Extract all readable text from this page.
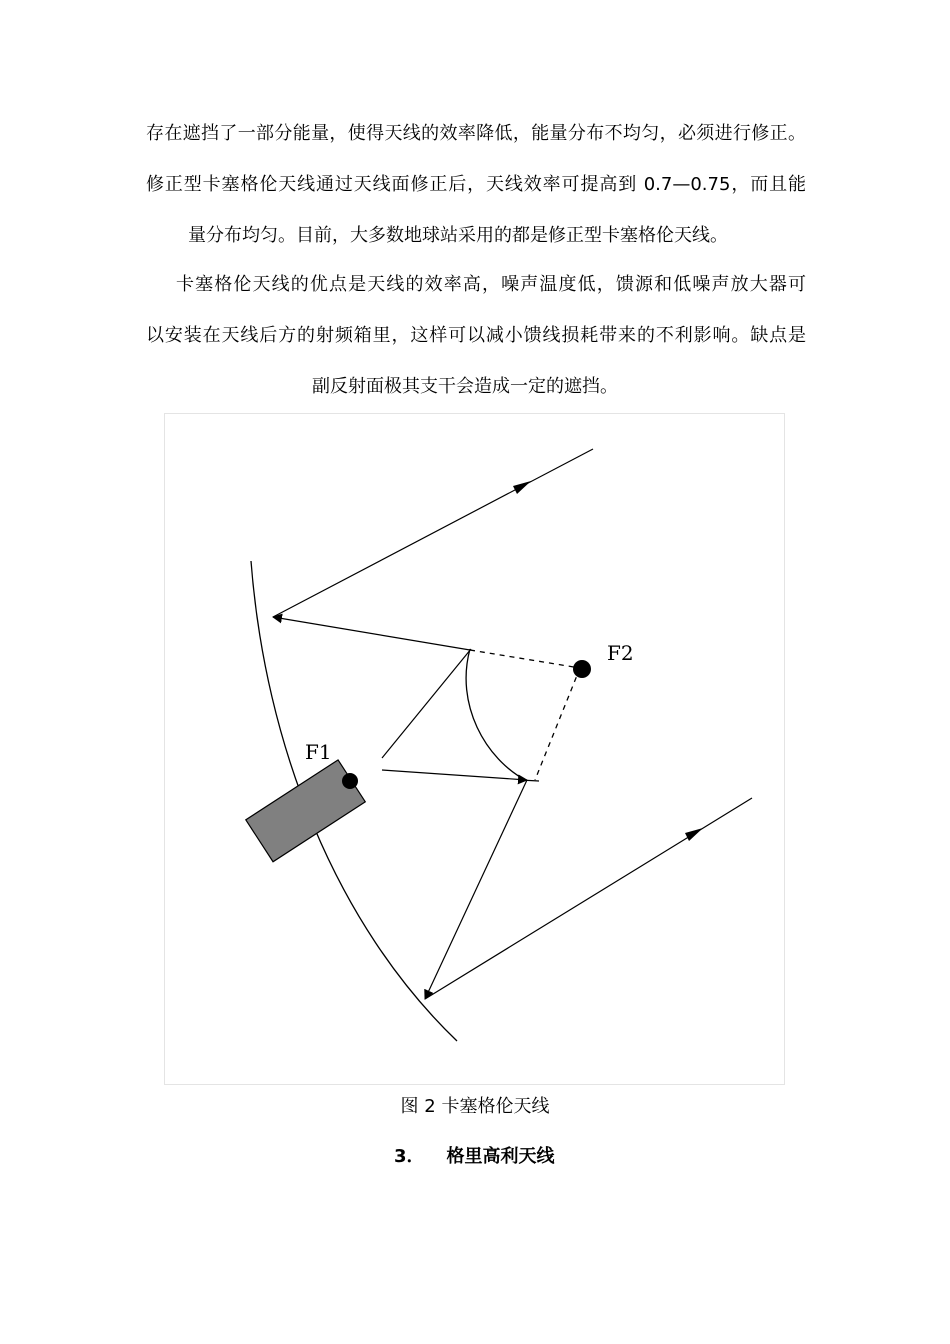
存在遮挡了一部分能量，使得天线的效率降低，能量分布不均匀，必须进行修正。
修正型卡塞格伦天线通过天线面修正后，天线效率可提高到 0.7—0.75，而且能
量分布均匀。目前，大多数地球站采用的都是修正型卡塞格伦天线。
卡塞格伦天线的优点是天线的效率高，噪声温度低，馈源和低噪声放大器可
以安装在天线后方的射频箱里，这样可以减小馈线损耗带来的不利影响。缺点是
副反射面极其支干会造成一定的遮挡。
F2
F1
图 2 卡塞格伦天线
3． 格里高利天线
